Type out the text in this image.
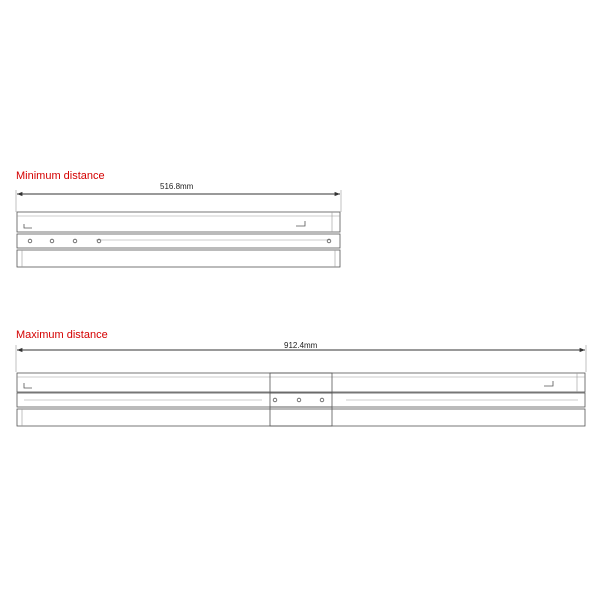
Minimum distance
516.8mm
Maximum distance
912.4mm
